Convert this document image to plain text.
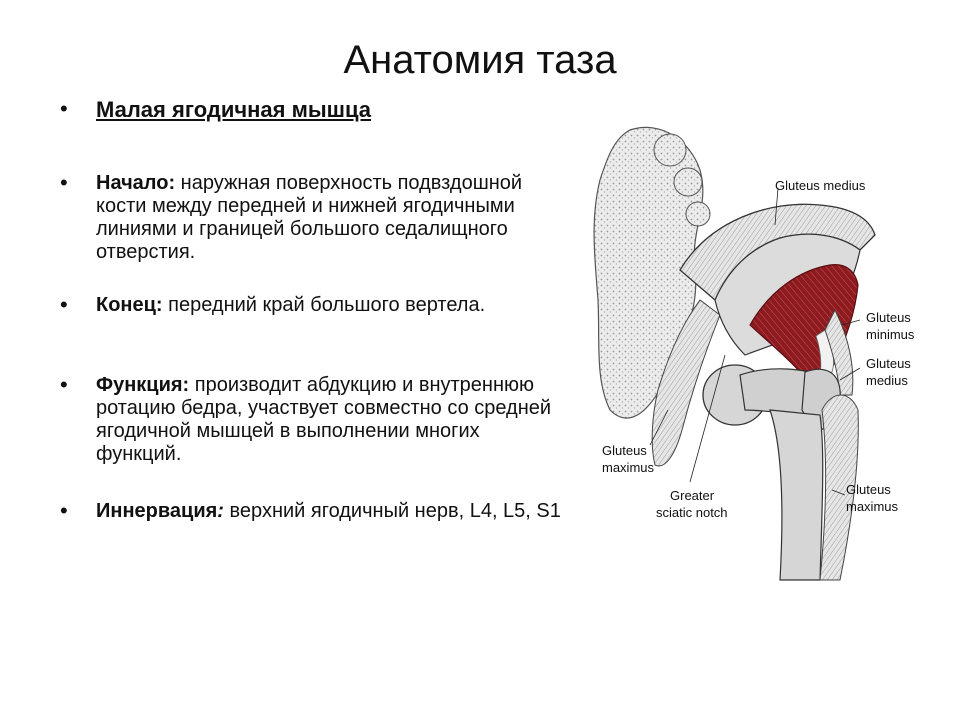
Анатомия таза
• Малая ягодичная мышца
• Начало: наружная поверхность подвздошной кости между передней и нижней ягодичными линиями и границей большого седалищного отверстия.
• Конец: передний край большого вертела.
• Функция: производит абдукцию и внутреннюю ротацию бедра, участвует совместно со средней ягодичной мышцей в выполнении многих функций.
• Иннервация: верхний ягодичный нерв, L4, L5, S1
Gluteus medius
Gluteus
minimus
Gluteus
medius
Gluteus
maximus
Greater
sciatic notch
Gluteus
maximus
